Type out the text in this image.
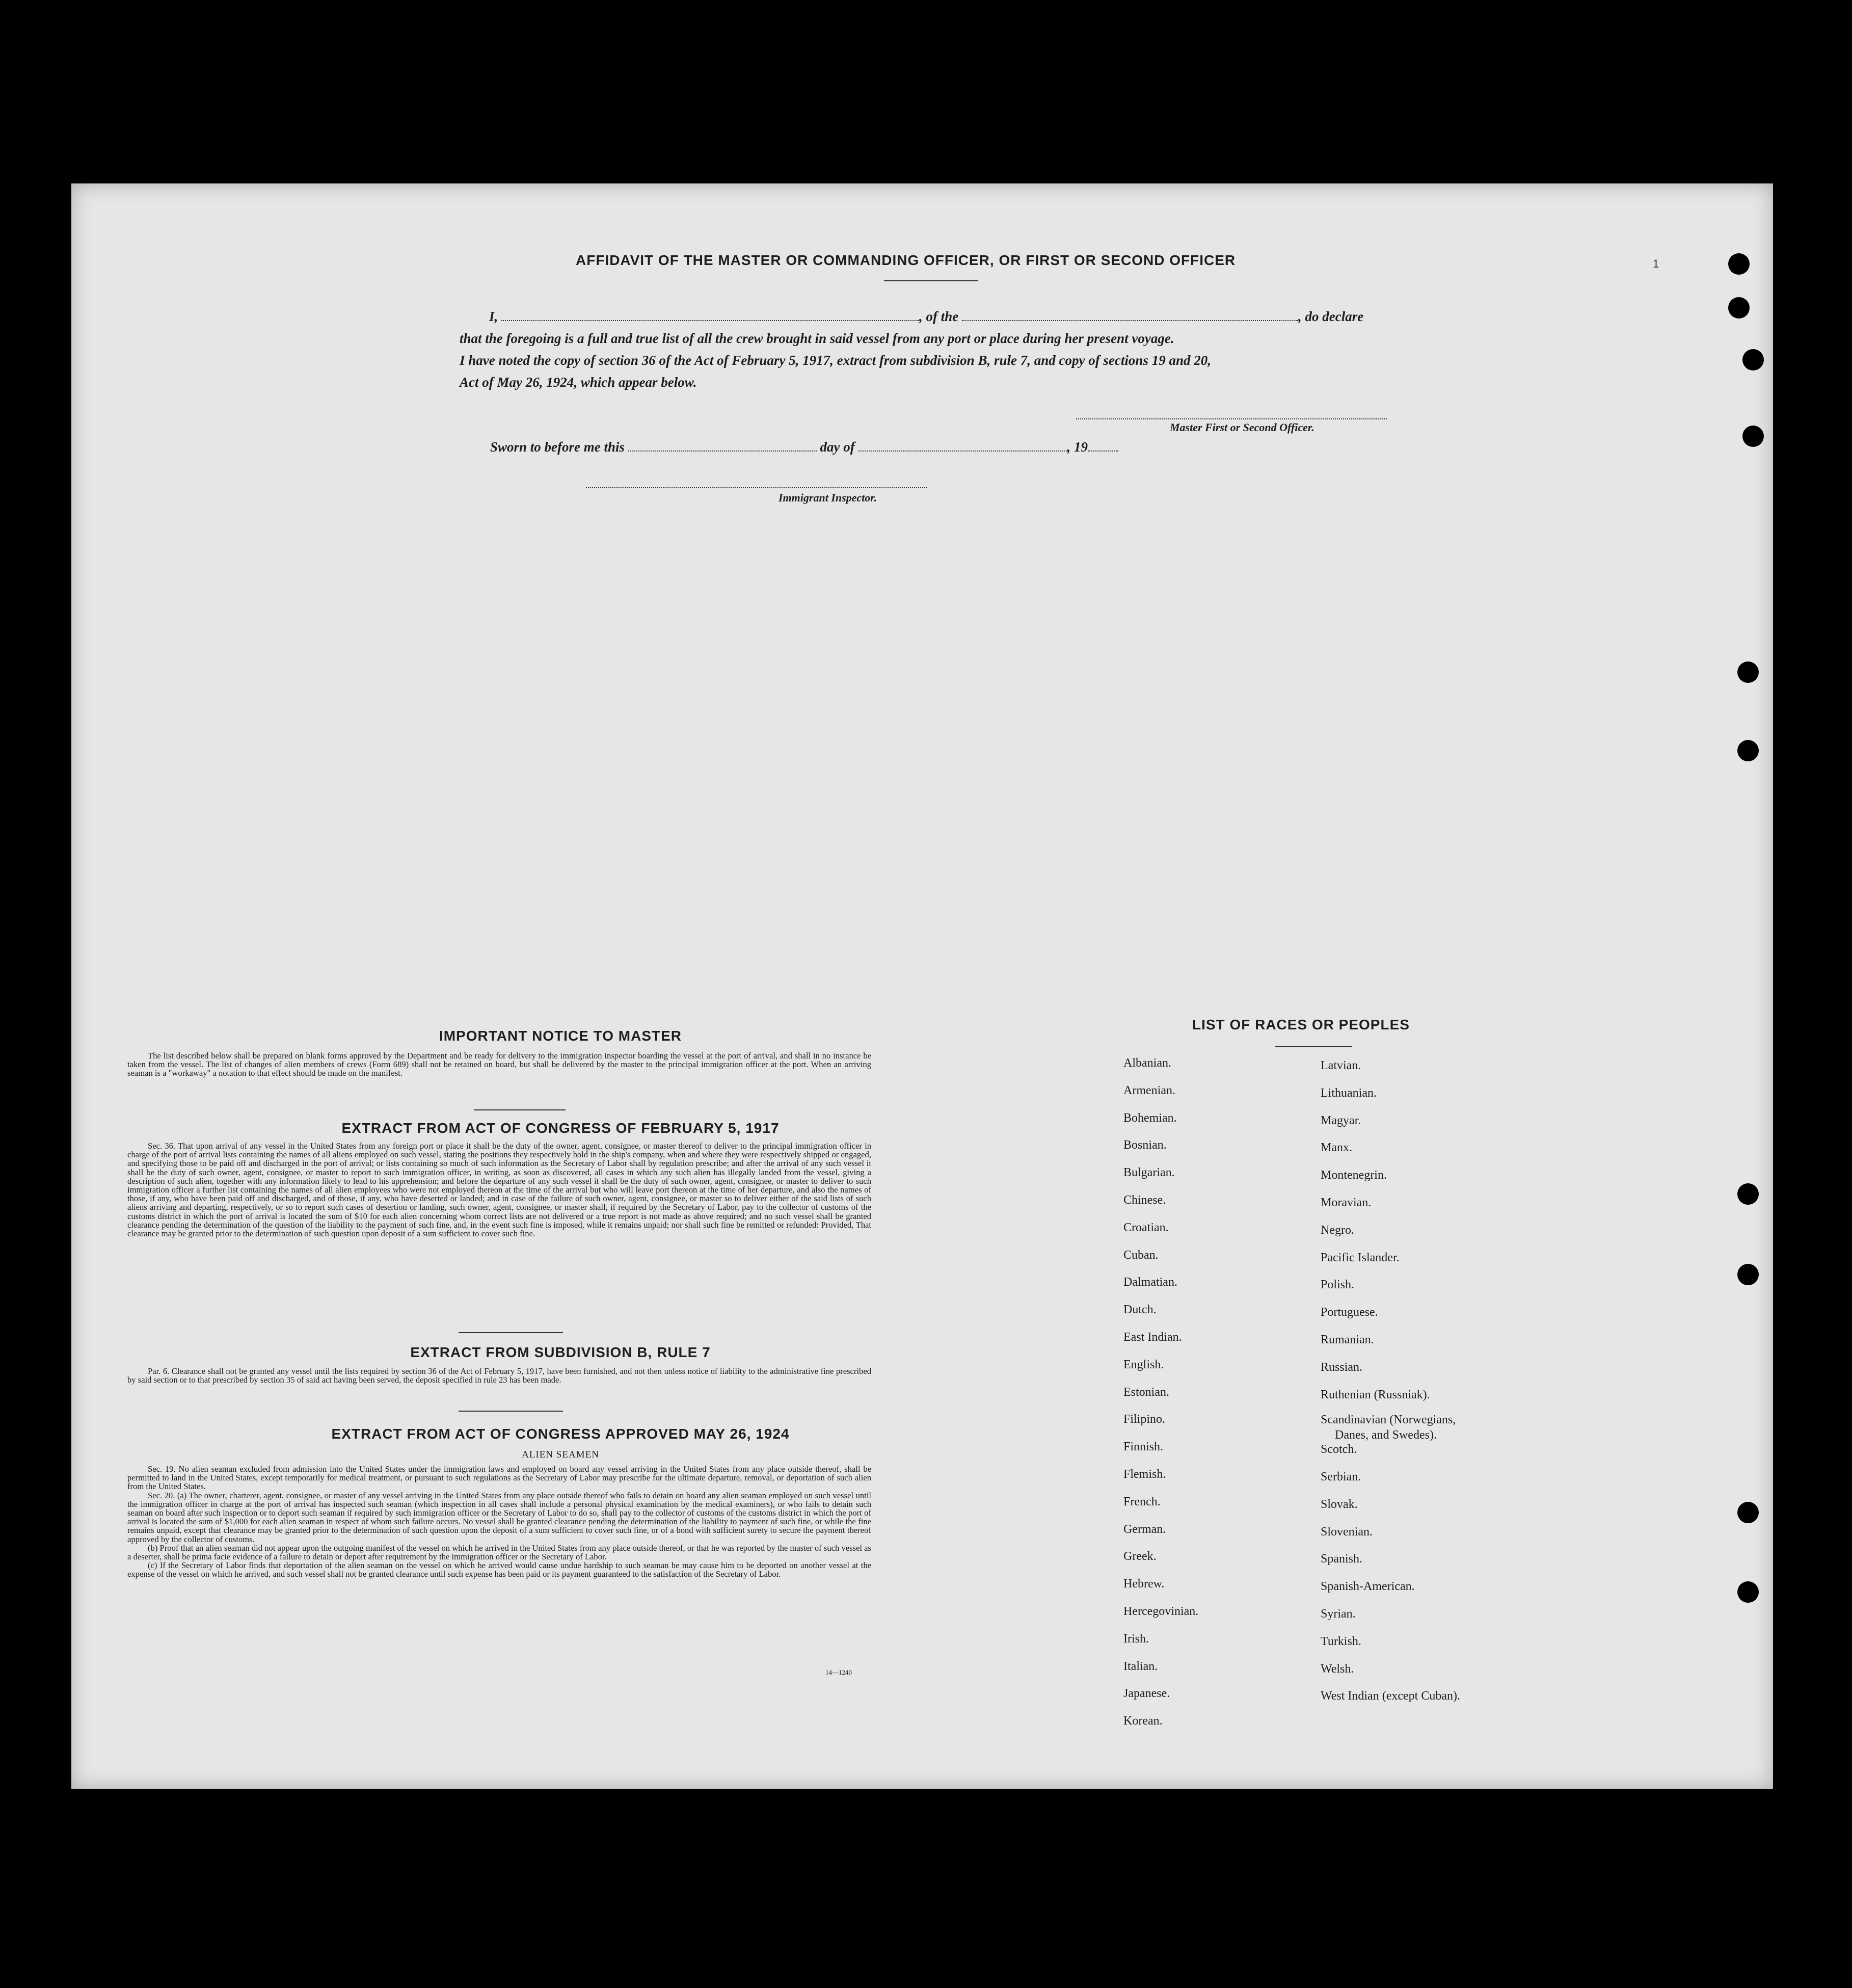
1
AFFIDAVIT OF THE MASTER OR COMMANDING OFFICER, OR FIRST OR SECOND OFFICER
I,	, of the	, do declare
that the foregoing is a full and true list of all the crew brought in said vessel from any port or place during her present voyage.
I have noted the copy of section 36 of the Act of February 5, 1917, extract from subdivision B, rule 7, and copy of sections 19 and 20,
Act of May 26, 1924, which appear below.
Master First or Second Officer.
Sworn to before me this	day of	, 19
Immigrant Inspector.
IMPORTANT NOTICE TO MASTER

The list described below shall be prepared on blank forms approved by the Department and be ready for delivery to the immigration inspector boarding the vessel at the port of arrival, and shall in no instance be taken from the vessel. The list of changes of alien members of crews (Form 689) shall not be retained on board, but shall be delivered by the master to the principal immigration officer at the port. When an arriving seaman is a "workaway" a notation to that effect should be made on the manifest.

EXTRACT FROM ACT OF CONGRESS OF FEBRUARY 5, 1917

Sec. 36. That upon arrival of any vessel in the United States from any foreign port or place it shall be the duty of the owner, agent, consignee, or master thereof to deliver to the principal immigration officer in charge of the port of arrival lists containing the names of all aliens employed on such vessel, stating the positions they respectively hold in the ship's company, when and where they were respectively shipped or engaged, and specifying those to be paid off and discharged in the port of arrival; or lists containing so much of such information as the Secretary of Labor shall by regulation prescribe; and after the arrival of any such vessel it shall be the duty of such owner, agent, consignee, or master to report to such immigration officer, in writing, as soon as discovered, all cases in which any such alien has illegally landed from the vessel, giving a description of such alien, together with any information likely to lead to his apprehension; and before the departure of any such vessel it shall be the duty of such owner, agent, consignee, or master to deliver to such immigration officer a further list containing the names of all alien employees who were not employed thereon at the time of the arrival but who will leave port thereon at the time of her departure, and also the names of those, if any, who have been paid off and discharged, and of those, if any, who have deserted or landed; and in case of the failure of such owner, agent, consignee, or master so to deliver either of the said lists of such aliens arriving and departing, respectively, or so to report such cases of desertion or landing, such owner, agent, consignee, or master shall, if required by the Secretary of Labor, pay to the collector of customs of the customs district in which the port of arrival is located the sum of $10 for each alien concerning whom correct lists are not delivered or a true report is not made as above required; and no such vessel shall be granted clearance pending the determination of the question of the liability to the payment of such fine, and, in the event such fine is imposed, while it remains unpaid; nor shall such fine be remitted or refunded: Provided, That clearance may be granted prior to the determination of such question upon deposit of a sum sufficient to cover such fine.

EXTRACT FROM SUBDIVISION B, RULE 7

Par. 6. Clearance shall not be granted any vessel until the lists required by section 36 of the Act of February 5, 1917, have been furnished, and not then unless notice of liability to the administrative fine prescribed by said section or to that prescribed by section 35 of said act having been served, the deposit specified in rule 23 has been made.

EXTRACT FROM ACT OF CONGRESS APPROVED MAY 26, 1924
ALIEN SEAMEN

Sec. 19. No alien seaman excluded from admission into the United States under the immigration laws and employed on board any vessel arriving in the United States from any place outside thereof, shall be permitted to land in the United States, except temporarily for medical treatment, or pursuant to such regulations as the Secretary of Labor may prescribe for the ultimate departure, removal, or deportation of such alien from the United States.

Sec. 20. (a) The owner, charterer, agent, consignee, or master of any vessel arriving in the United States from any place outside thereof who fails to detain on board any alien seaman employed on such vessel until the immigration officer in charge at the port of arrival has inspected such seaman (which inspection in all cases shall include a personal physical examination by the medical examiners), or who fails to detain such seaman on board after such inspection or to deport such seaman if required by such immigration officer or the Secretary of Labor to do so, shall pay to the collector of customs of the customs district in which the port of arrival is located the sum of $1,000 for each alien seaman in respect of whom such failure occurs. No vessel shall be granted clearance pending the determination of the liability to payment of such fine, or while the fine remains unpaid, except that clearance may be granted prior to the determination of such question upon the deposit of a sum sufficient to cover such fine, or of a bond with sufficient surety to secure the payment thereof approved by the collector of customs.

(b) Proof that an alien seaman did not appear upon the outgoing manifest of the vessel on which he arrived in the United States from any place outside thereof, or that he was reported by the master of such vessel as a deserter, shall be prima facie evidence of a failure to detain or deport after requirement by the immigration officer or the Secretary of Labor.

(c) If the Secretary of Labor finds that deportation of the alien seaman on the vessel on which he arrived would cause undue hardship to such seaman he may cause him to be deported on another vessel at the expense of the vessel on which he arrived, and such vessel shall not be granted clearance until such expense has been paid or its payment guaranteed to the satisfaction of the Secretary of Labor.

14—1240
LIST OF RACES OR PEOPLES
Albanian.
Armenian.
Bohemian.
Bosnian.
Bulgarian.
Chinese.
Croatian.
Cuban.
Dalmatian.
Dutch.
East Indian.
English.
Estonian.
Filipino.
Finnish.
Flemish.
French.
German.
Greek.
Hebrew.
Hercegovinian.
Irish.
Italian.
Japanese.
Korean.
Latvian.
Lithuanian.
Magyar.
Manx.
Montenegrin.
Moravian.
Negro.
Pacific Islander.
Polish.
Portuguese.
Rumanian.
Russian.
Ruthenian (Russniak).
Scandinavian (Norwegians,
Danes, and Swedes).
Scotch.
Serbian.
Slovak.
Slovenian.
Spanish.
Spanish-American.
Syrian.
Turkish.
Welsh.
West Indian (except Cuban).
